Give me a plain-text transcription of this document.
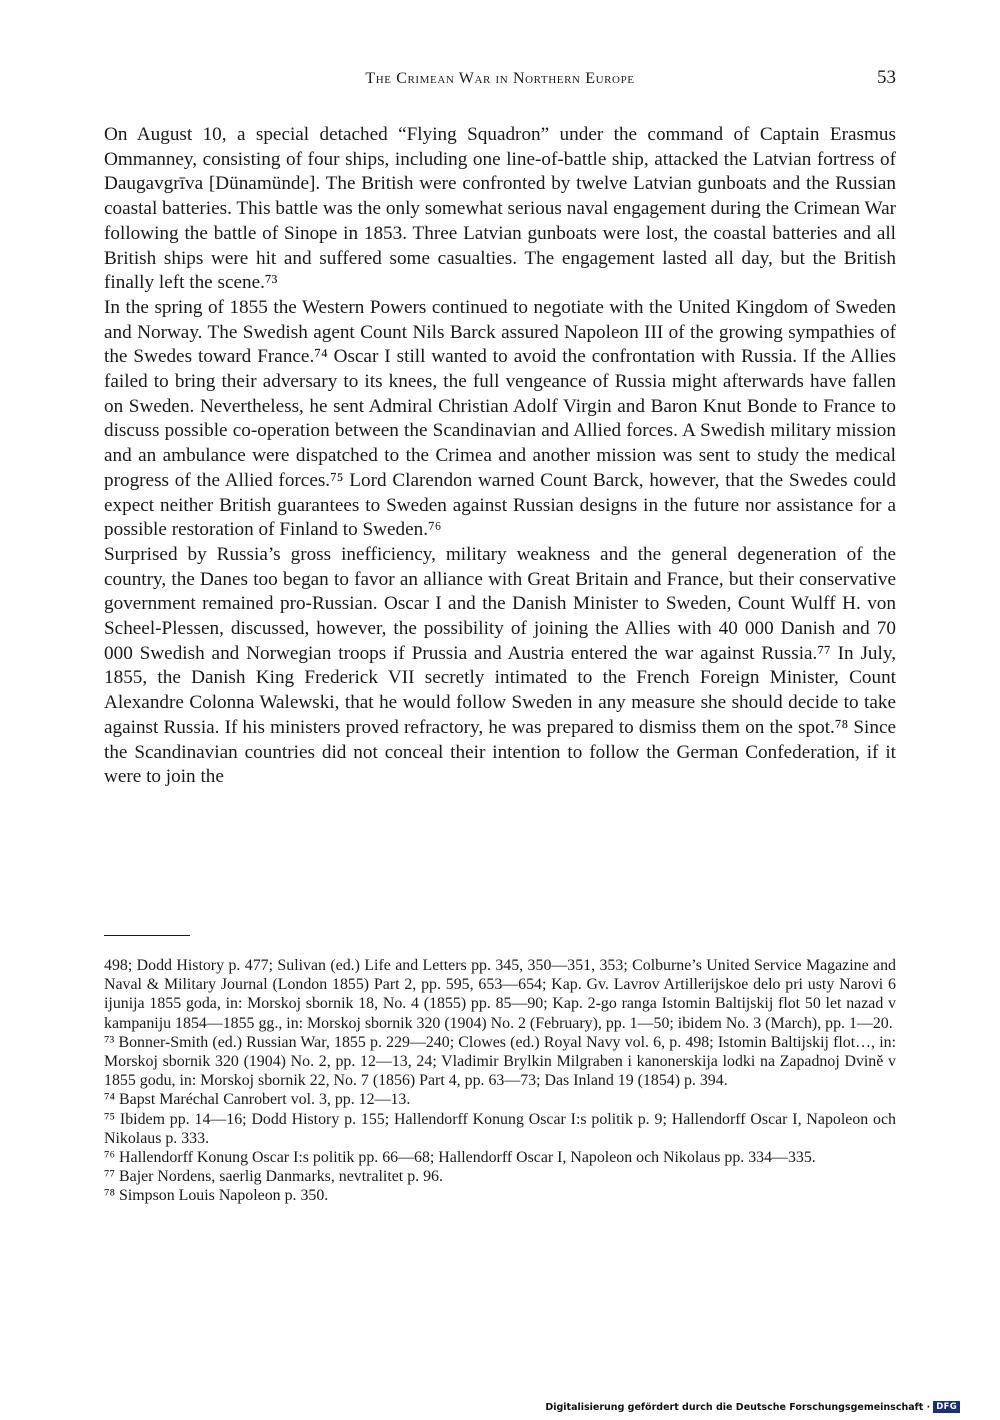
The Crimean War in Northern Europe	53

On August 10, a special detached “Flying Squadron” under the command of Captain Erasmus Ommanney, consisting of four ships, including one line-of-battle ship, attacked the Latvian fortress of Daugavgrīva [Dünamünde]. The British were confronted by twelve Latvian gunboats and the Russian coastal batteries. This battle was the only somewhat serious naval engagement during the Crimean War following the battle of Sinope in 1853. Three Latvian gunboats were lost, the coastal batteries and all British ships were hit and suffered some casualties. The engagement lasted all day, but the British finally left the scene.⁷³

In the spring of 1855 the Western Powers continued to negotiate with the United Kingdom of Sweden and Norway. The Swedish agent Count Nils Barck assured Napoleon III of the growing sympathies of the Swedes toward France.⁷⁴ Oscar I still wanted to avoid the confrontation with Russia. If the Allies failed to bring their adversary to its knees, the full vengeance of Russia might afterwards have fallen on Sweden. Nevertheless, he sent Admiral Christian Adolf Virgin and Baron Knut Bonde to France to discuss possible co-operation between the Scandinavian and Allied forces. A Swedish military mission and an ambulance were dispatched to the Crimea and another mission was sent to study the medical progress of the Allied forces.⁷⁵ Lord Clarendon warned Count Barck, however, that the Swedes could expect neither British guarantees to Sweden against Russian designs in the future nor assistance for a possible restoration of Finland to Sweden.⁷⁶

Surprised by Russia’s gross inefficiency, military weakness and the general degeneration of the country, the Danes too began to favor an alliance with Great Britain and France, but their conservative government remained pro-Russian. Oscar I and the Danish Minister to Sweden, Count Wulff H. von Scheel-Plessen, discussed, however, the possibility of joining the Allies with 40 000 Danish and 70 000 Swedish and Norwegian troops if Prussia and Austria entered the war against Russia.⁷⁷ In July, 1855, the Danish King Frederick VII secretly intimated to the French Foreign Minister, Count Alexandre Colonna Walewski, that he would follow Sweden in any measure she should decide to take against Russia. If his ministers proved refractory, he was prepared to dismiss them on the spot.⁷⁸ Since the Scandinavian countries did not conceal their intention to follow the German Confederation, if it were to join the

498; Dodd History p. 477; Sulivan (ed.) Life and Letters pp. 345, 350—351, 353; Colburne’s United Service Magazine and Naval & Military Journal (London 1855) Part 2, pp. 595, 653—654; Kap. Gv. Lavrov Artillerijskoe delo pri usty Narovi 6 ijunija 1855 goda, in: Morskoj sbornik 18, No. 4 (1855) pp. 85—90; Kap. 2-go ranga Istomin Baltijskij flot 50 let nazad v kampaniju 1854—1855 gg., in: Morskoj sbornik 320 (1904) No. 2 (February), pp. 1—50; ibidem No. 3 (March), pp. 1—20.

⁷³ Bonner-Smith (ed.) Russian War, 1855 p. 229—240; Clowes (ed.) Royal Navy vol. 6, p. 498; Istomin Baltijskij flot…, in: Morskoj sbornik 320 (1904) No. 2, pp. 12—13, 24; Vladimir Brylkin Milgraben i kanonerskija lodki na Zapadnoj Dvině v 1855 godu, in: Morskoj sbornik 22, No. 7 (1856) Part 4, pp. 63—73; Das Inland 19 (1854) p. 394.

⁷⁴ Bapst Maréchal Canrobert vol. 3, pp. 12—13.

⁷⁵ Ibidem pp. 14—16; Dodd History p. 155; Hallendorff Konung Oscar I:s politik p. 9; Hallendorff Oscar I, Napoleon och Nikolaus p. 333.

⁷⁶ Hallendorff Konung Oscar I:s politik pp. 66—68; Hallendorff Oscar I, Napoleon och Nikolaus pp. 334—335.

⁷⁷ Bajer Nordens, saerlig Danmarks, nevtralitet p. 96.

⁷⁸ Simpson Louis Napoleon p. 350.

Digitalisierung gefördert durch die Deutsche Forschungsgemeinschaft · DFG
